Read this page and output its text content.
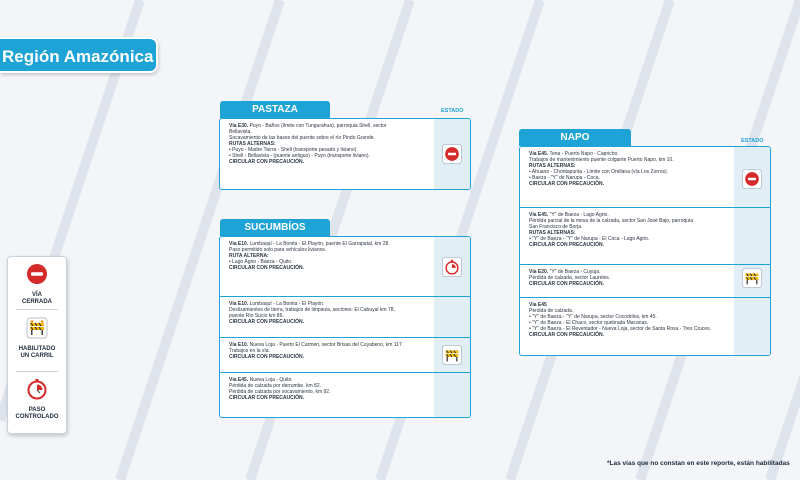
Región Amazónica
VÍA
CERRADA
HABILITADO
UN CARRIL
PASO
CONTROLADO
PASTAZA	ESTADO
Vía E30. Puyo - Baños (límite con Tungurahua), parroquia Shell, sector
Bellavista.
Socavamiento de las bases del puente sobre el río Pindo Grande.
RUTAS ALTERNAS:
• Puyo - Madre Tierra - Shell (transporte pesado y liviano).
• Shell - Bellavista - (puente antiguo) - Puyo (transporte liviano).
CIRCULAR CON PRECAUCIÓN.
SUCUMBÍOS
Vía E10. Lumbaquí - La Bonita - El Playón, puente El Garrapatal, km 28.
Paso permitido solo para vehículos livianos.
RUTA ALTERNA:
• Lago Agrio - Baeza - Quito.
CIRCULAR CON PRECAUCIÓN.
Vía E10. Lumbaquí - La Bonita - El Playón.
Deslizamientos de tierra, trabajos de limpieza, sectores: El Cabuyal km 78,
puente Río Sucio km 86.
CIRCULAR CON PRECAUCIÓN.
Vía E10. Nueva Loja - Puerto El Carmen, sector Brisas del Cuyabeno, km 117.
Trabajos en la vía.
CIRCULAR CON PRECAUCIÓN.
Vía E45. Nueva Loja - Quito.
Pérdida de calzada por derrumbe, km 82.
Pérdida de calzada por socavamiento, km 92.
CIRCULAR CON PRECAUCIÓN.
NAPO	ESTADO
Vía E45. Tena - Puerto Napo - Capricho.
Trabajos de mantenimiento puente colgante Puerto Napo, km 10.
RUTAS ALTERNAS:
• Ahuano - Chontapunta - Límite con Orellana (vía Los Zorros).
• Baeza - "Y" de Narupa - Coca.
CIRCULAR CON PRECAUCIÓN.
Vía E45. "Y" de Baeza - Lago Agrio.
Pérdida parcial de la mesa de la calzada, sector San José Bajo, parroquia
San Francisco de Borja.
RUTAS ALTERNAS:
• "Y" de Baeza - "Y" de Narupa - El Coca - Lago Agrio.
CIRCULAR CON PRECAUCIÓN.
Vía E20. "Y" de Baeza - Cuyuja.
Pérdida de calzada, sector Laureles.
CIRCULAR CON PRECAUCIÓN.
Vía E45
Pérdida de calzada.
• "Y" de Baeza - "Y" de Narupa, sector Cocodrilos, km 45.
• "Y" de Baeza - El Chaco, sector quebrada Macanas.
• "Y" de Baeza - El Reventador - Nueva Loja, sector de Santa Rosa - Tres Cruces.
CIRCULAR CON PRECAUCIÓN.
*Las vías que no constan en este reporte, están habilitadas
